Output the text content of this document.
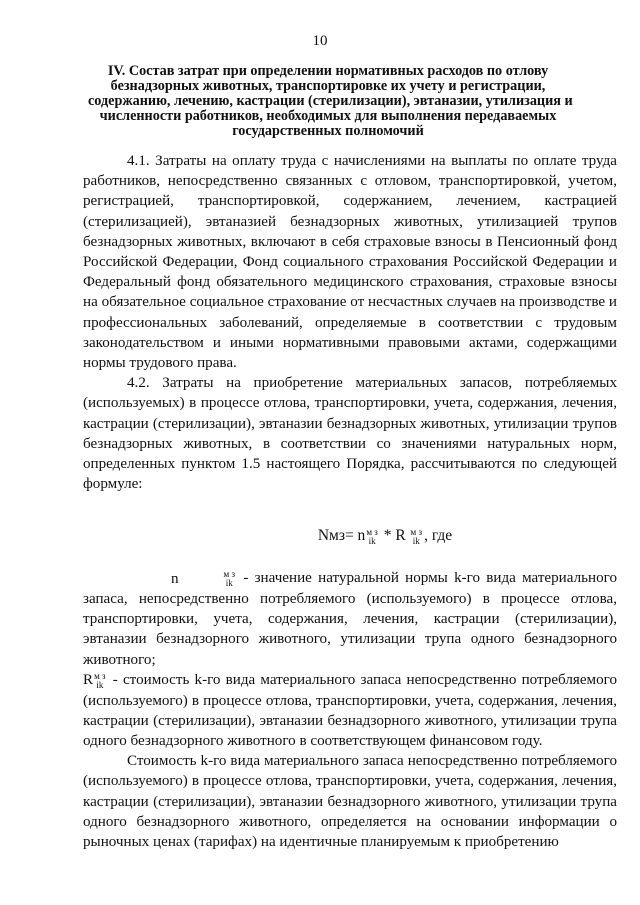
10
IV. Состав затрат при определении нормативных расходов по отлову
безнадзорных животных, транспортировке их учету и регистрации,
содержанию, лечению, кастрации (стерилизации), эвтаназии, утилизация и
численности работников, необходимых для выполнения передаваемых
государственных полномочий

4.1. Затраты на оплату труда с начислениями на выплаты по оплате труда работников, непосредственно связанных с отловом, транспортировкой, учетом, регистрацией, транспортировкой, содержанием, лечением, кастрацией (стерилизацией), эвтаназией безнадзорных животных, утилизацией трупов безнадзорных животных, включают в себя страховые взносы в Пенсионный фонд Российской Федерации, Фонд социального страхования Российской Федерации и Федеральный фонд обязательного медицинского страхования, страховые взносы на обязательное социальное страхование от несчастных случаев на производстве и профессиональных заболеваний, определяемые в соответствии с трудовым законодательством и иными нормативными правовыми актами, содержащими нормы трудового права.

4.2. Затраты на приобретение материальных запасов, потребляемых (используемых) в процессе отлова, транспортировки, учета, содержания, лечения, кастрации (стерилизации), эвтаназии безнадзорных животных, утилизации трупов безнадзорных животных, в соответствии со значениями натуральных норм, определенных пунктом 1.5 настоящего Порядка, рассчитываются по следующей формуле:

Nмз= n м з
ik * R м з
ik , где

n	м з
ik - значение натуральной нормы k-го вида материального запаса, непосредственно потребляемого (используемого) в процессе отлова, транспортировки, учета, содержания, лечения, кастрации (стерилизации), эвтаназии безнадзорного животного, утилизации трупа одного безнадзорного животного;

R м з
ik - стоимость k-го вида материального запаса непосредственно потребляемого (используемого) в процессе отлова, транспортировки, учета, содержания, лечения, кастрации (стерилизации), эвтаназии безнадзорного животного, утилизации трупа одного безнадзорного животного в соответствующем финансовом году.

Стоимость k-го вида материального запаса непосредственно потребляемого (используемого) в процессе отлова, транспортировки, учета, содержания, лечения, кастрации (стерилизации), эвтаназии безнадзорного животного, утилизации трупа одного безнадзорного животного, определяется на основании информации о рыночных ценах (тарифах) на идентичные планируемым к приобретению
